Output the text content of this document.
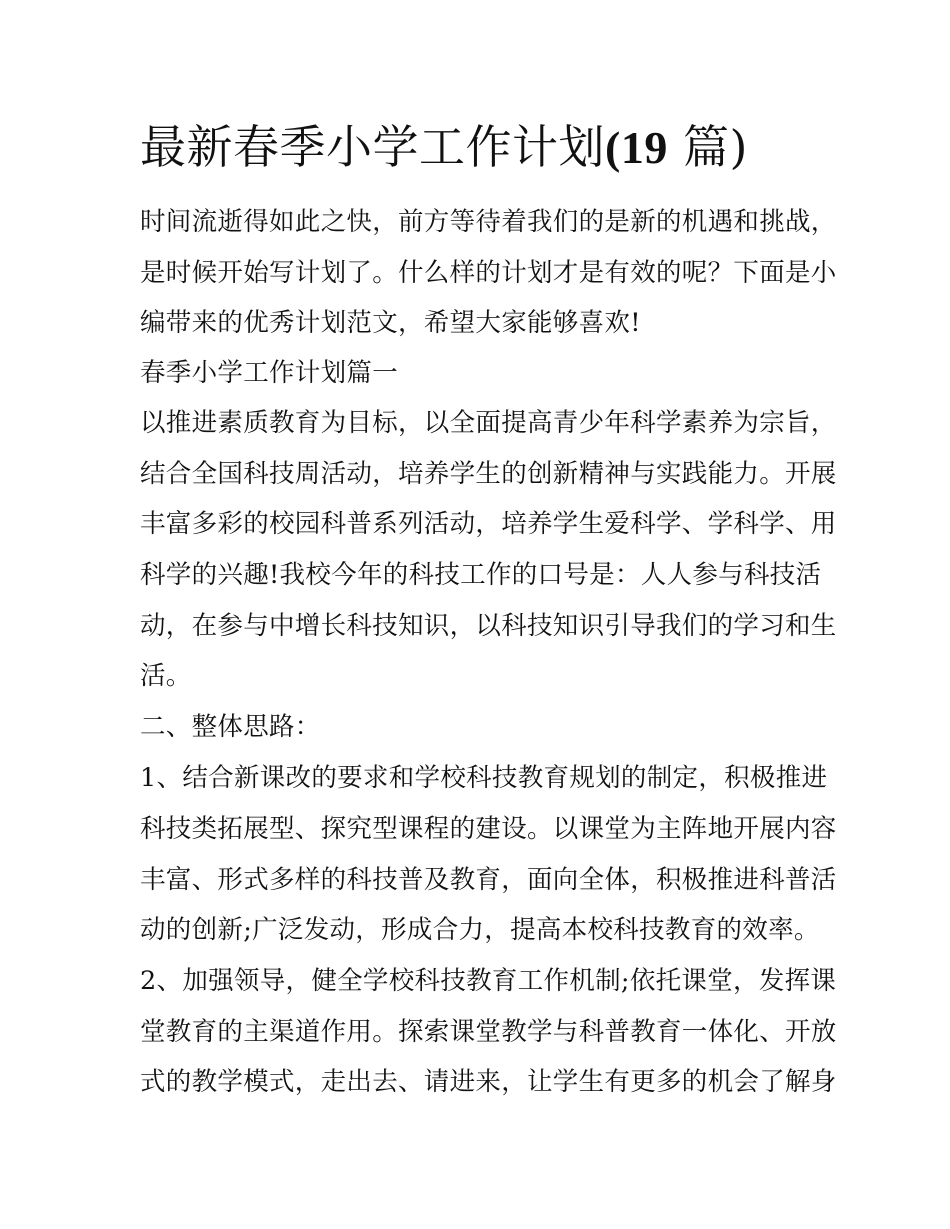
最新春季小学工作计划(19 篇)

时间流逝得如此之快，前方等待着我们的是新的机遇和挑战，

是时候开始写计划了。什么样的计划才是有效的呢？下面是小

编带来的优秀计划范文，希望大家能够喜欢!

春季小学工作计划篇一

以推进素质教育为目标，以全面提高青少年科学素养为宗旨，

结合全国科技周活动，培养学生的创新精神与实践能力。开展

丰富多彩的校园科普系列活动，培养学生爱科学、学科学、用

科学的兴趣!我校今年的科技工作的口号是：人人参与科技活

动，在参与中增长科技知识，以科技知识引导我们的学习和生

活。

二、整体思路：

1、结合新课改的要求和学校科技教育规划的制定，积极推进

科技类拓展型、探究型课程的建设。以课堂为主阵地开展内容

丰富、形式多样的科技普及教育，面向全体，积极推进科普活

动的创新;广泛发动，形成合力，提高本校科技教育的效率。

2、加强领导，健全学校科技教育工作机制;依托课堂，发挥课

堂教育的主渠道作用。探索课堂教学与科普教育一体化、开放

式的教学模式，走出去、请进来，让学生有更多的机会了解身
